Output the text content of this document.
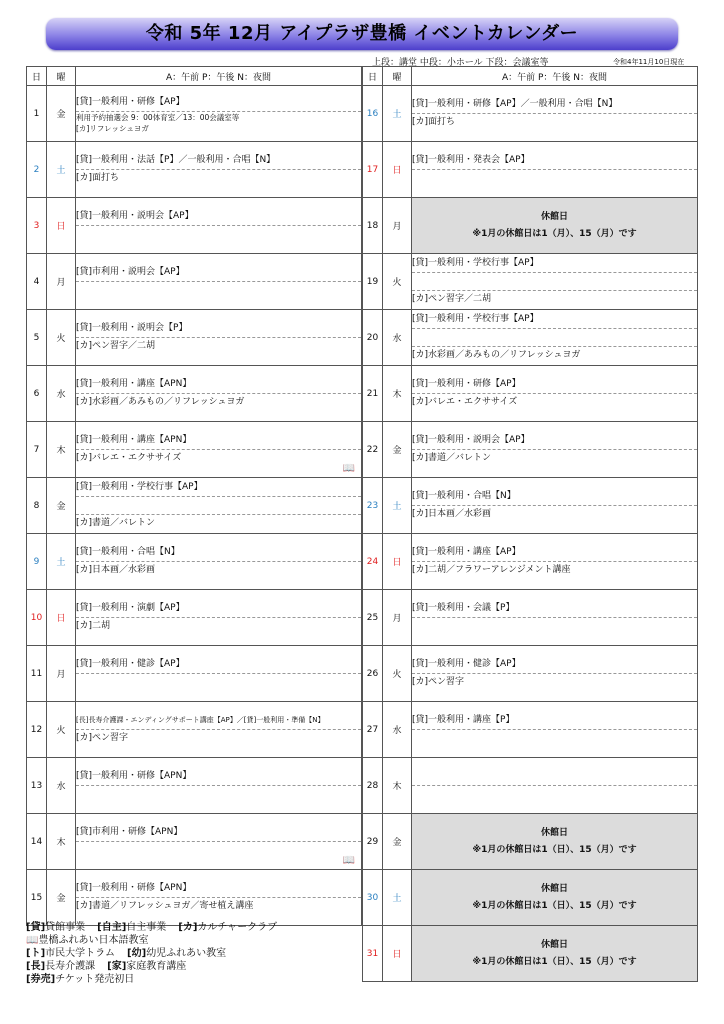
令和 5年 12月 アイプラザ豊橋 イベントカレンダー
上段：講堂 中段：小ホール 下段：会議室等	令和4年11月10日現在
日	曜	A：午前 P：午後 N：夜間
1	金	[貸]一般利用・研修【AP】
利用予約抽選会 9：00体育室／13：00会議室等
[カ]リフレッシュヨガ

2	土	[貸]一般利用・法話【P】／一般利用・合唱【N】
[カ]面打ち

3	日	[貸]一般利用・説明会【AP】

4	月	[貸]市利用・説明会【AP】

5	火	[貸]一般利用・説明会【P】
[カ]ペン習字／二胡

6	水	[貸]一般利用・講座【APN】
[カ]水彩画／あみもの／リフレッシュヨガ

7	木	[貸]一般利用・講座【APN】
[カ]バレエ・エクササイズ
📖

8	金	[貸]一般利用・学校行事【AP】
[カ]書道／バレトン

9	土	[貸]一般利用・合唱【N】
[カ]日本画／水彩画

10	日	[貸]一般利用・演劇【AP】
[カ]二胡

11	月	[貸]一般利用・健診【AP】

12	火	[長]長寿介護課・エンディングサポート講座【AP】／[貸]一般利用・準備【N】
[カ]ペン習字

13	水	[貸]一般利用・研修【APN】

14	木	[貸]市利用・研修【APN】
📖

15	金	[貸]一般利用・研修【APN】
[カ]書道／リフレッシュヨガ／寄せ植え講座
日	曜	A：午前 P：午後 N：夜間
16	土	[貸]一般利用・研修【AP】／一般利用・合唱【N】
[カ]面打ち

17	日	[貸]一般利用・発表会【AP】

18	月	休館日
※1月の休館日は1（月）、15（月）です

19	火	[貸]一般利用・学校行事【AP】
[カ]ペン習字／二胡

20	水	[貸]一般利用・学校行事【AP】
[カ]水彩画／あみもの／リフレッシュヨガ

21	木	[貸]一般利用・研修【AP】
[カ]バレエ・エクササイズ

22	金	[貸]一般利用・説明会【AP】
[カ]書道／バレトン

23	土	[貸]一般利用・合唱【N】
[カ]日本画／水彩画

24	日	[貸]一般利用・講座【AP】
[カ]二胡／フラワーアレンジメント講座

25	月	[貸]一般利用・会議【P】

26	火	[貸]一般利用・健診【AP】
[カ]ペン習字

27	水	[貸]一般利用・講座【P】

28	木	

29	金	休館日
※1月の休館日は1（日）、15（月）です

30	土	休館日
※1月の休館日は1（日）、15（月）です

31	日	休館日
※1月の休館日は1（日）、15（月）です
[貸]貸館事業 [自主]自主事業 [カ]カルチャークラブ
📖豊橋ふれあい日本語教室
[ト]市民大学トラム [幼]幼児ふれあい教室
[長]長寿介護課 [家]家庭教育講座
[券売]チケット発売初日
